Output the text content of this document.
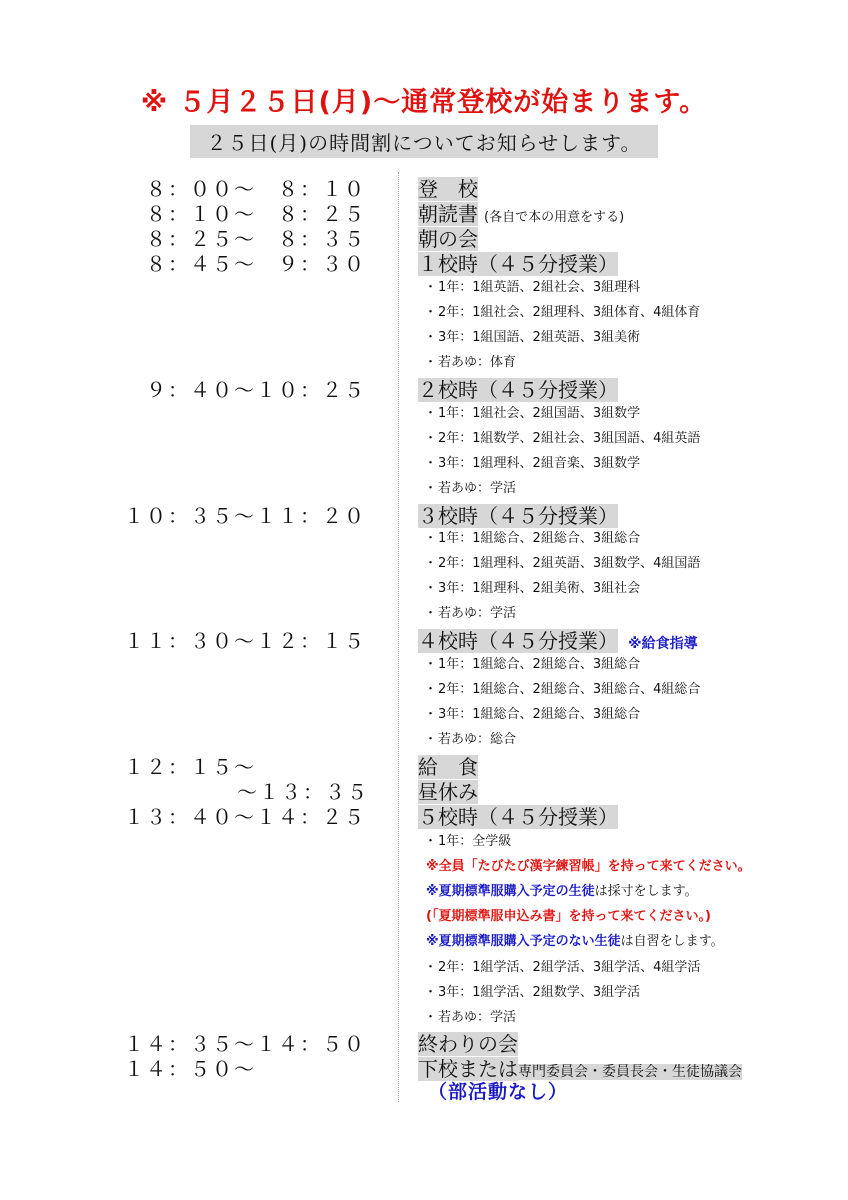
※ ５月２５日(月)～通常登校が始まります。
２５日(月)の時間割についてお知らせします。
８：００～　８：１０	登　校
８：１０～　８：２５	朝読書 (各自で本の用意をする)
８：２５～　８：３５	朝の会
８：４５～　９：３０	１校時（４５分授業）
・1年：1組英語、2組社会、3組理科
・2年：1組社会、2組理科、3組体育、4組体育
・3年：1組国語、2組英語、3組美術
・若あゆ：体育
９：４０～１０：２５	２校時（４５分授業）
・1年：1組社会、2組国語、3組数学
・2年：1組数学、2組社会、3組国語、4組英語
・3年：1組理科、2組音楽、3組数学
・若あゆ：学活
１０：３５～１１：２０	３校時（４５分授業）
・1年：1組総合、2組総合、3組総合
・2年：1組理科、2組英語、3組数学、4組国語
・3年：1組理科、2組美術、3組社会
・若あゆ：学活
１１：３０～１２：１５	４校時（４５分授業） ※給食指導
・1年：1組総合、2組総合、3組総合
・2年：1組総合、2組総合、3組総合、4組総合
・3年：1組総合、2組総合、3組総合
・若あゆ：総合
１２：１５～	給　食
～１３：３５ 昼休み
１３：４０～１４：２５	５校時（４５分授業）
・1年：全学級
※全員「たびたび漢字練習帳」を持って来てください。
※夏期標準服購入予定の生徒は採寸をします。
(「夏期標準服申込み書」を持って来てください。)
※夏期標準服購入予定のない生徒は自習をします。
・2年：1組学活、2組学活、3組学活、4組学活
・3年：1組学活、2組数学、3組学活
・若あゆ：学活
１４：３５～１４：５０	終わりの会
１４：５０～	下校または専門委員会・委員長会・生徒協議会
（部活動なし）
